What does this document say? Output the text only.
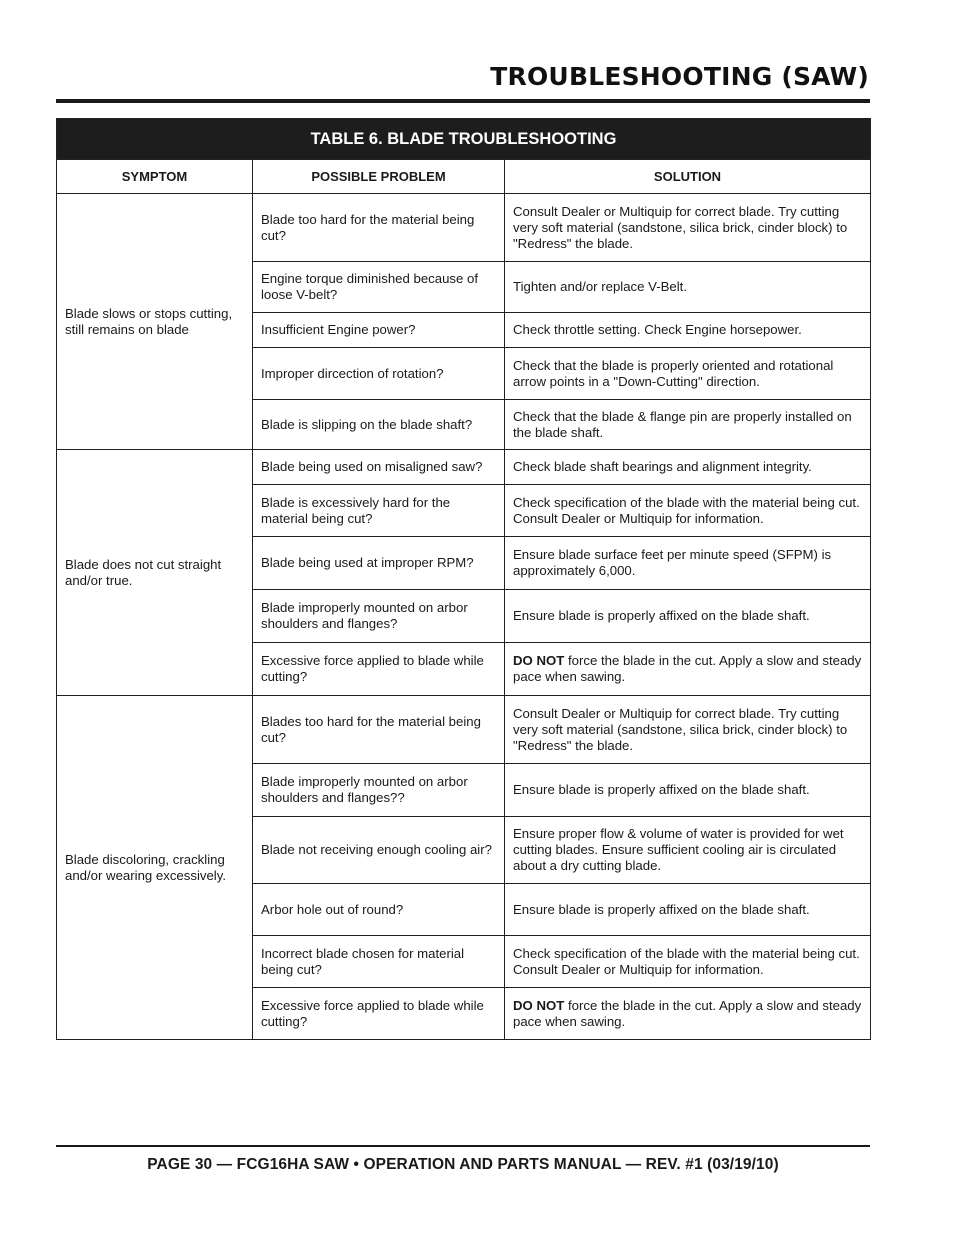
TROUBLESHOOTING (SAW)
TABLE 6. BLADE TROUBLESHOOTING		
SYMPTOM	POSSIBLE PROBLEM	SOLUTION
Blade slows or stops cutting, still remains on blade	Blade too hard for the material being cut?	Consult Dealer or Multiquip for correct blade. Try cutting very soft material (sandstone, silica brick, cinder block) to "Redress" the blade.
	Engine torque diminished because of loose V-belt?	Tighten and/or replace V-Belt.
	Insufficient Engine power?	Check throttle setting. Check Engine horsepower.
	Improper dircection of rotation?	Check that the blade is properly oriented and rotational arrow points in a "Down-Cutting" direction.
	Blade is slipping on the blade shaft?	Check that the blade & flange pin are properly installed on the blade shaft.
Blade does not cut straight and/or true.	Blade being used on misaligned saw?	Check blade shaft bearings and alignment integrity.
	Blade is excessively hard for the material being cut?	Check specification of the blade with the material being cut. Consult Dealer or Multiquip for information.
	Blade being used at improper RPM?	Ensure blade surface feet per minute speed (SFPM) is approximately 6,000.
	Blade improperly mounted on arbor shoulders and flanges?	Ensure blade is properly affixed on the blade shaft.
	Excessive force applied to blade while cutting?	DO NOT force the blade in the cut. Apply a slow and steady pace when sawing.
Blade discoloring, crackling and/or wearing excessively.	Blades too hard for the material being cut?	Consult Dealer or Multiquip for correct blade. Try cutting very soft material (sandstone, silica brick, cinder block) to "Redress" the blade.
	Blade improperly mounted on arbor shoulders and flanges??	Ensure blade is properly affixed on the blade shaft.
	Blade not receiving enough cooling air?	Ensure proper flow & volume of water is provided for wet cutting blades. Ensure sufficient cooling air is circulated about a dry cutting blade.
	Arbor hole out of round?	Ensure blade is properly affixed on the blade shaft.
	Incorrect blade chosen for material being cut?	Check specification of the blade with the material being cut. Consult Dealer or Multiquip for information.
	Excessive force applied to blade while cutting?	DO NOT force the blade in the cut. Apply a slow and steady pace when sawing.
PAGE 30 — FCG16HA SAW • OPERATION AND PARTS MANUAL — REV. #1 (03/19/10)
